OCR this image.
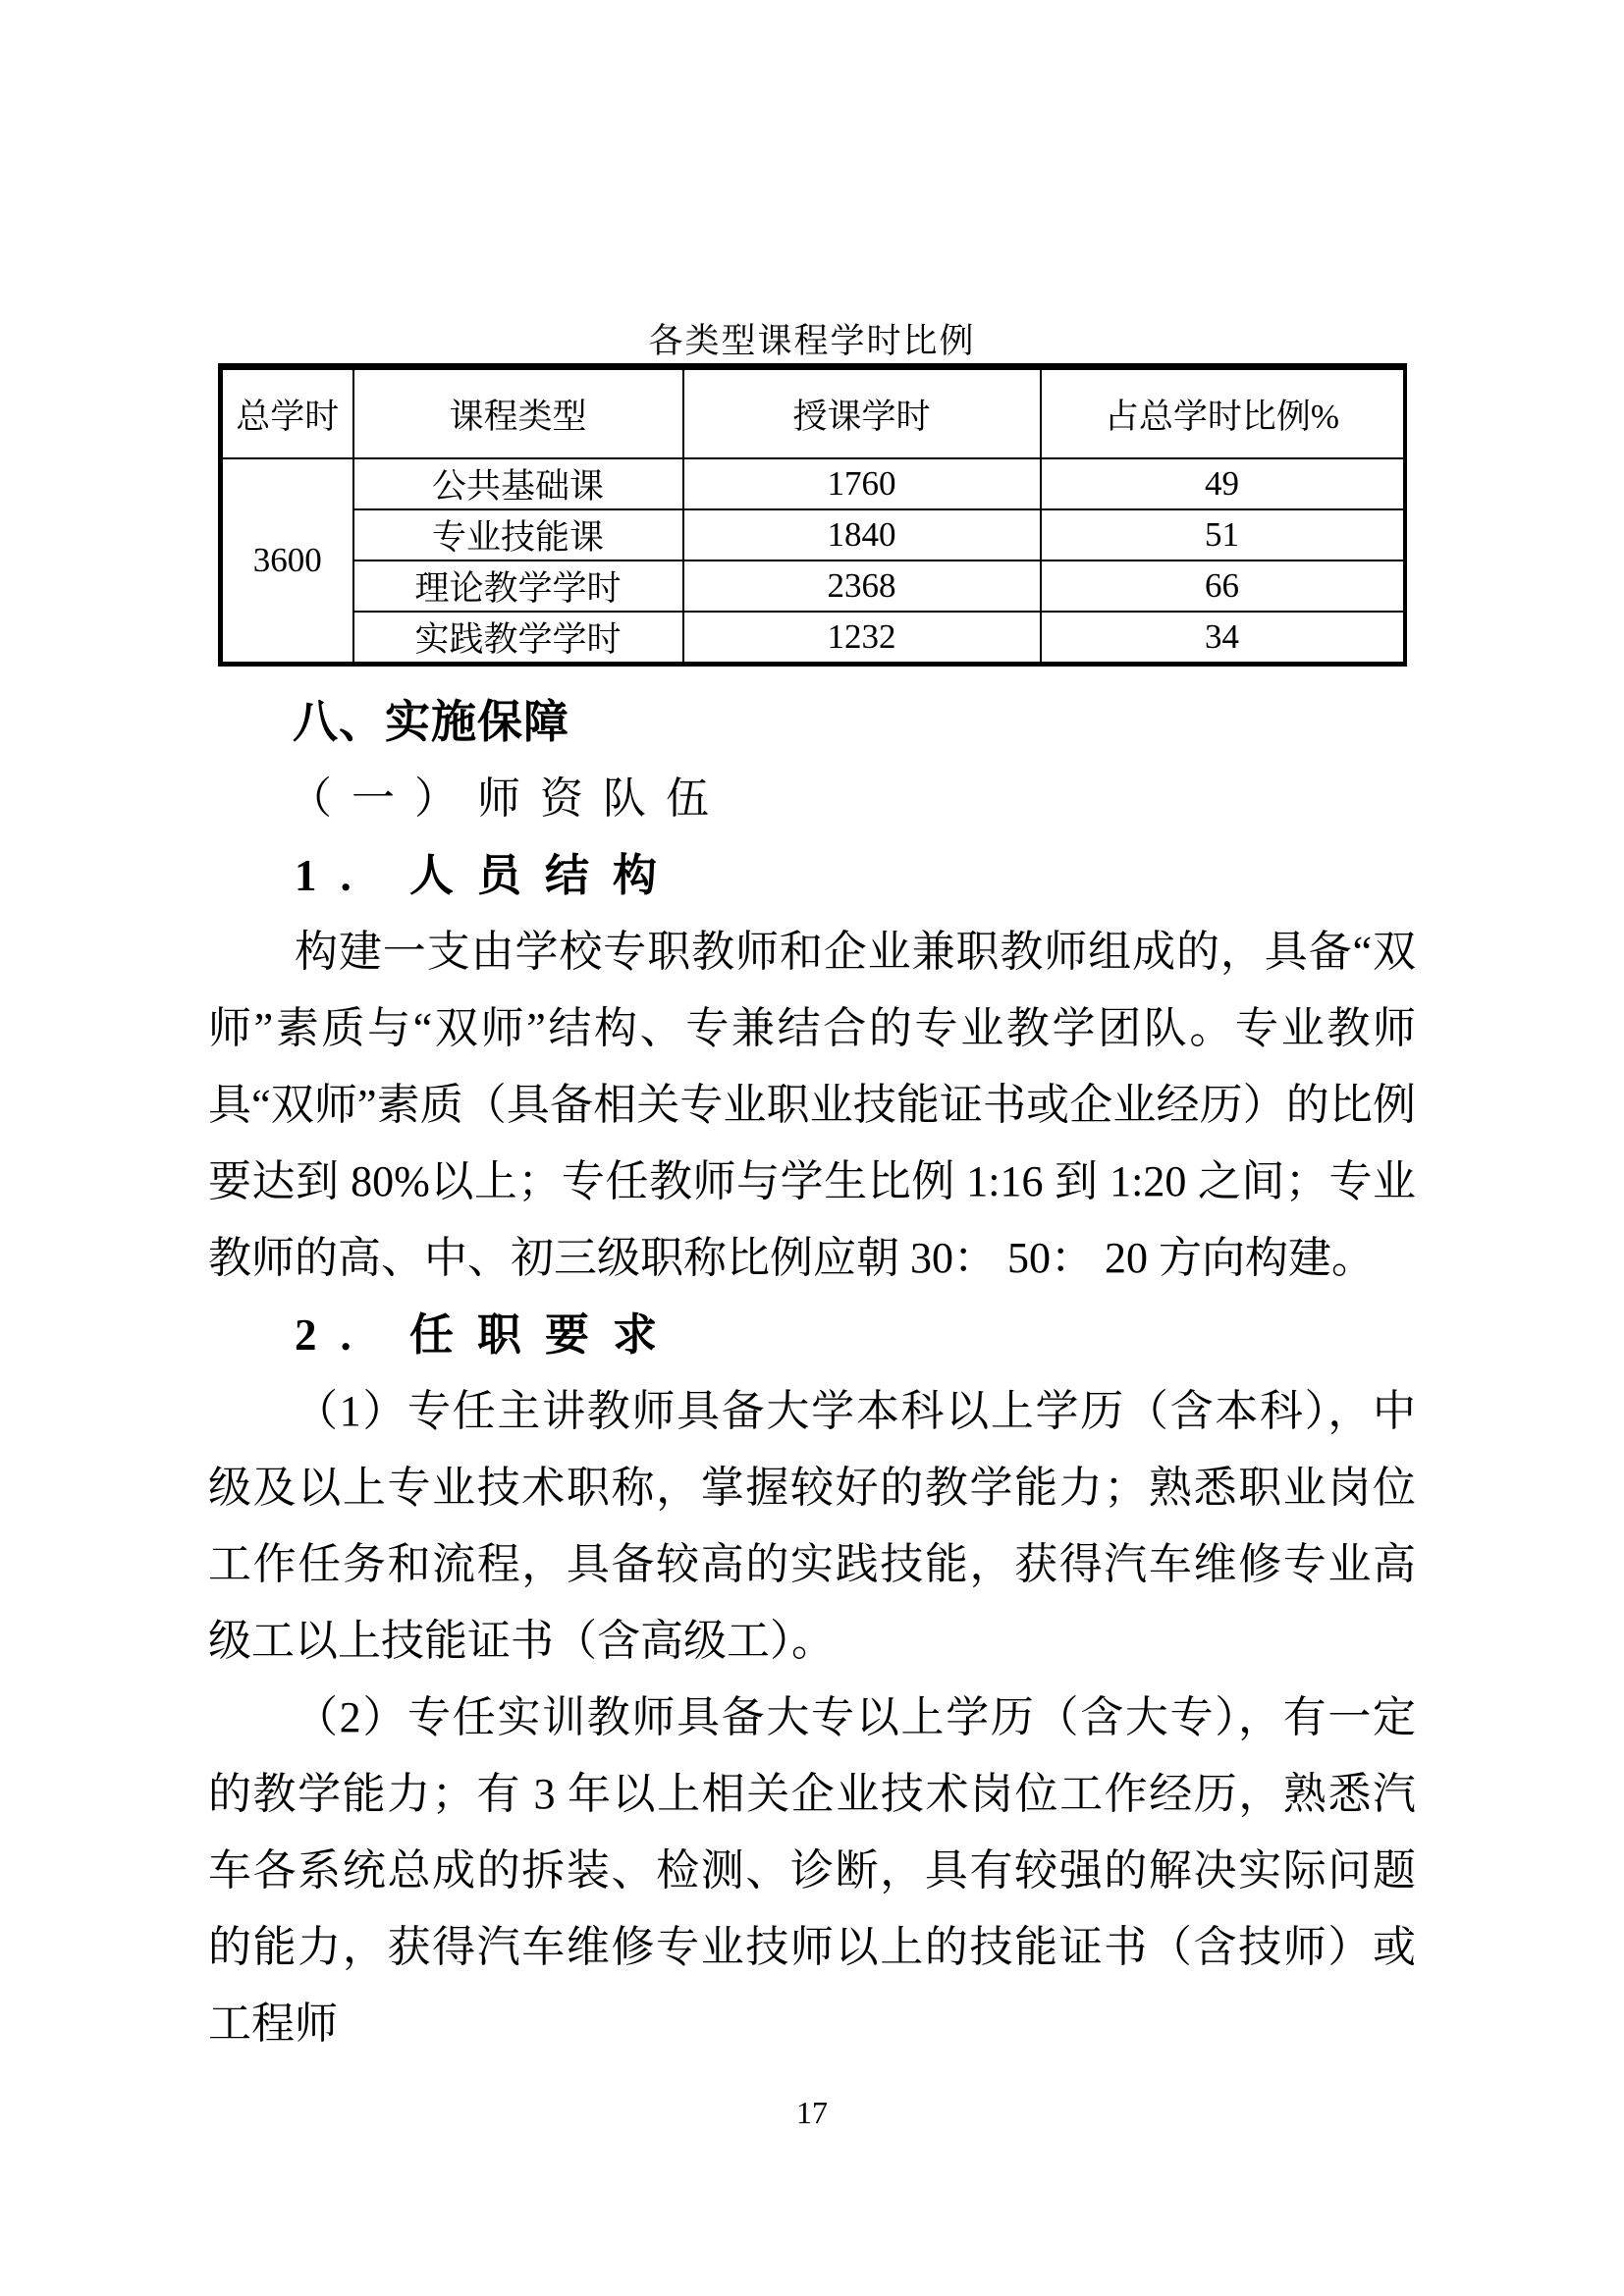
各类型课程学时比例
总学时	课程类型	授课学时	占总学时比例%
3600	公共基础课	1760	49
	专业技能课	1840	51
	理论教学学时	2368	66
	实践教学学时	1232	34
八、实施保障
（一）师资队伍
1. 人员结构

构建一支由学校专职教师和企业兼职教师组成的，具备“双师”素质与“双师”结构、专兼结合的专业教学团队。专业教师具“双师”素质（具备相关专业职业技能证书或企业经历）的比例要达到 80%以上；专任教师与学生比例 1:16 到 1:20 之间；专业教师的高、中、初三级职称比例应朝 30： 50： 20 方向构建。

2. 任职要求

（1）专任主讲教师具备大学本科以上学历（含本科），中级及以上专业技术职称，掌握较好的教学能力；熟悉职业岗位工作任务和流程，具备较高的实践技能，获得汽车维修专业高级工以上技能证书（含高级工）。

（2）专任实训教师具备大专以上学历（含大专），有一定的教学能力；有 3 年以上相关企业技术岗位工作经历，熟悉汽车各系统总成的拆装、检测、诊断，具有较强的解决实际问题的能力，获得汽车维修专业技师以上的技能证书（含技师）或工程师

17
